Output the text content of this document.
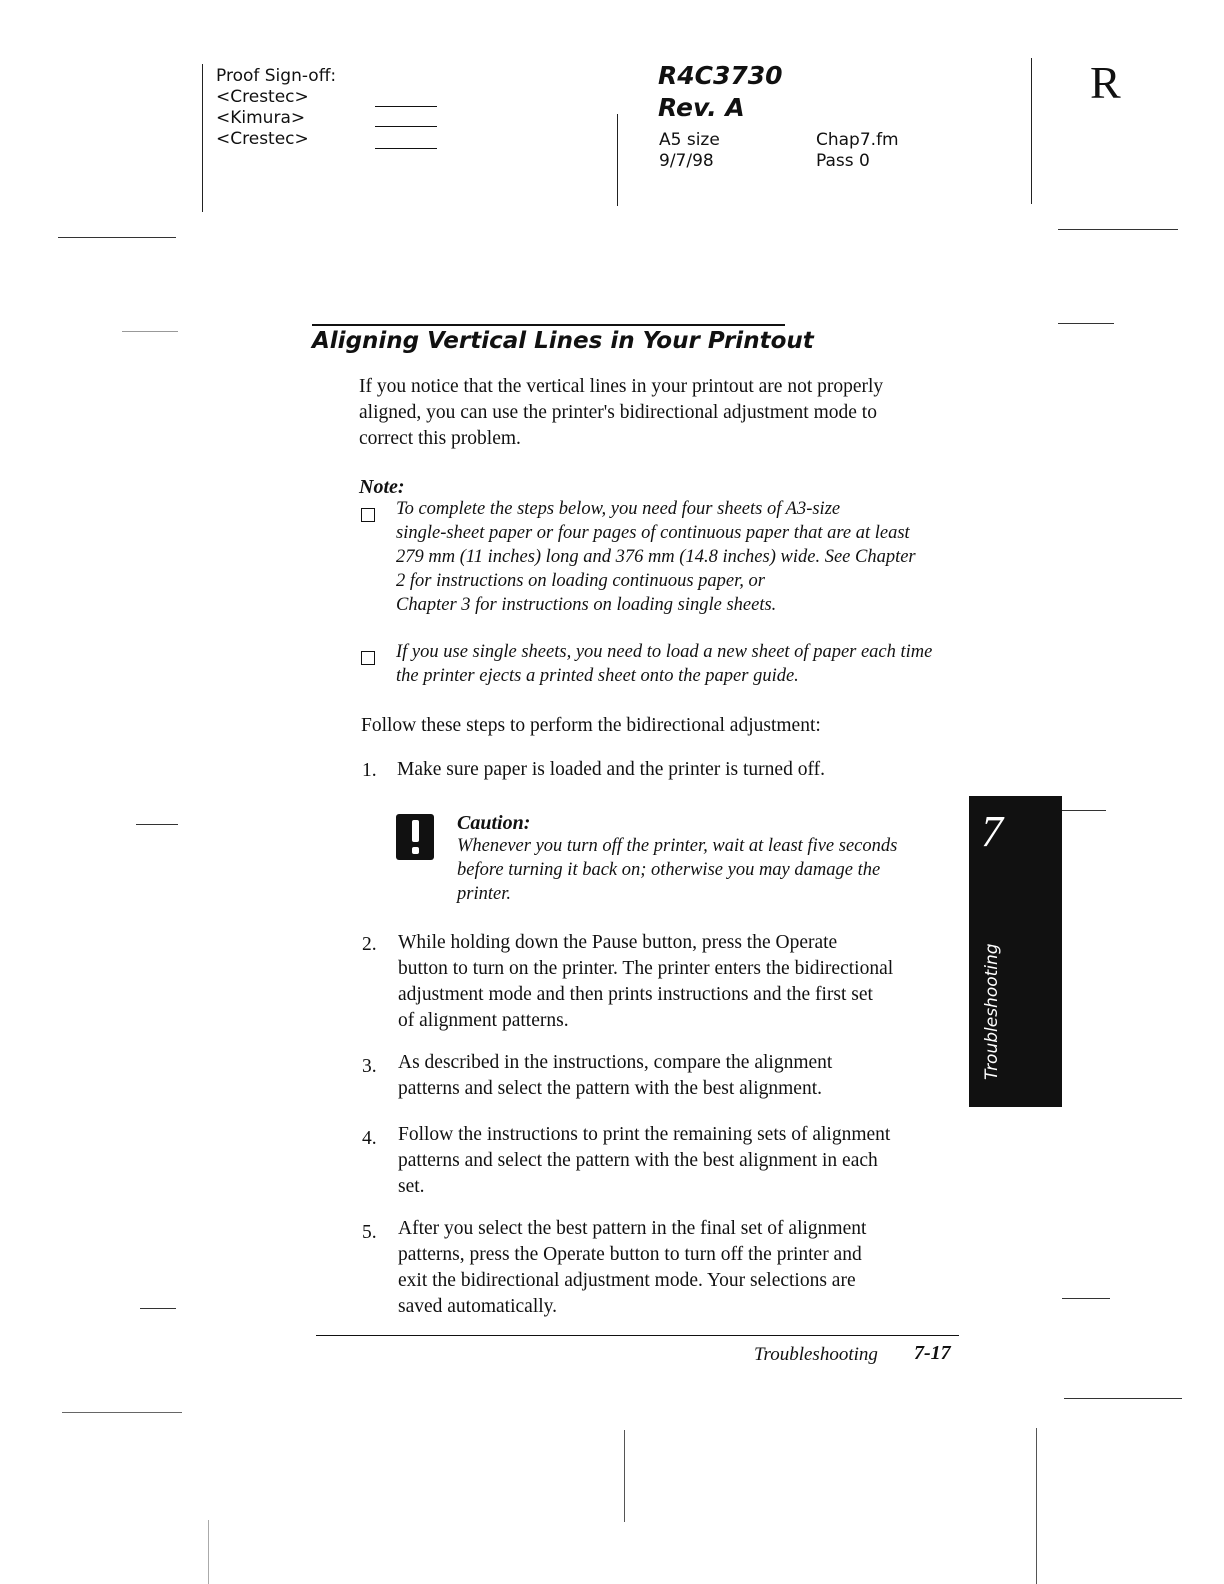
Proof Sign-off:
<Crestec>
<Kimura>
<Crestec>
R4C3730
Rev. A
A5 size
9/7/98
Chap7.fm
Pass 0
R
Aligning Vertical Lines in Your Printout
If you notice that the vertical lines in your printout are not properly
aligned, you can use the printer's bidirectional adjustment mode to
correct this problem.
Note:
To complete the steps below, you need four sheets of A3-size
single-sheet paper or four pages of continuous paper that are at least
279 mm (11 inches) long and 376 mm (14.8 inches) wide. See Chapter
2 for instructions on loading continuous paper, or
Chapter 3 for instructions on loading single sheets.
If you use single sheets, you need to load a new sheet of paper each time
the printer ejects a printed sheet onto the paper guide.
Follow these steps to perform the bidirectional adjustment:
1. Make sure paper is loaded and the printer is turned off.
Caution:
Whenever you turn off the printer, wait at least five seconds
before turning it back on; otherwise you may damage the
printer.
2. While holding down the Pause button, press the Operate
button to turn on the printer. The printer enters the bidirectional
adjustment mode and then prints instructions and the first set
of alignment patterns.
3. As described in the instructions, compare the alignment
patterns and select the pattern with the best alignment.
4. Follow the instructions to print the remaining sets of alignment
patterns and select the pattern with the best alignment in each
set.
5. After you select the best pattern in the final set of alignment
patterns, press the Operate button to turn off the printer and
exit the bidirectional adjustment mode. Your selections are
saved automatically.
7
Troubleshooting
Troubleshooting 7-17
